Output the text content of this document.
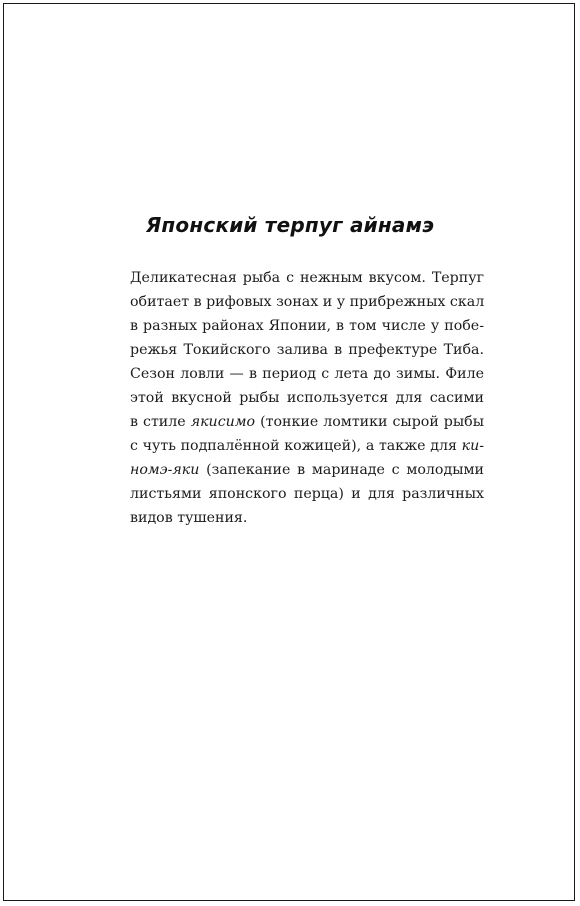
Японский терпуг айнамэ
Деликатесная рыба с нежным вкусом. Терпуг
обитает в рифовых зонах и у прибрежных скал
в разных районах Японии, в том числе у побе-
режья Токийского залива в префектуре Тиба.
Сезон ловли — в период с лета до зимы. Филе
этой вкусной рыбы используется для сасими
в стиле якисимо (тонкие ломтики сырой рыбы
с чуть подпалённой кожицей), а также для ки-
номэ-яки (запекание в маринаде с молодыми
листьями японского перца) и для различных
видов тушения.
